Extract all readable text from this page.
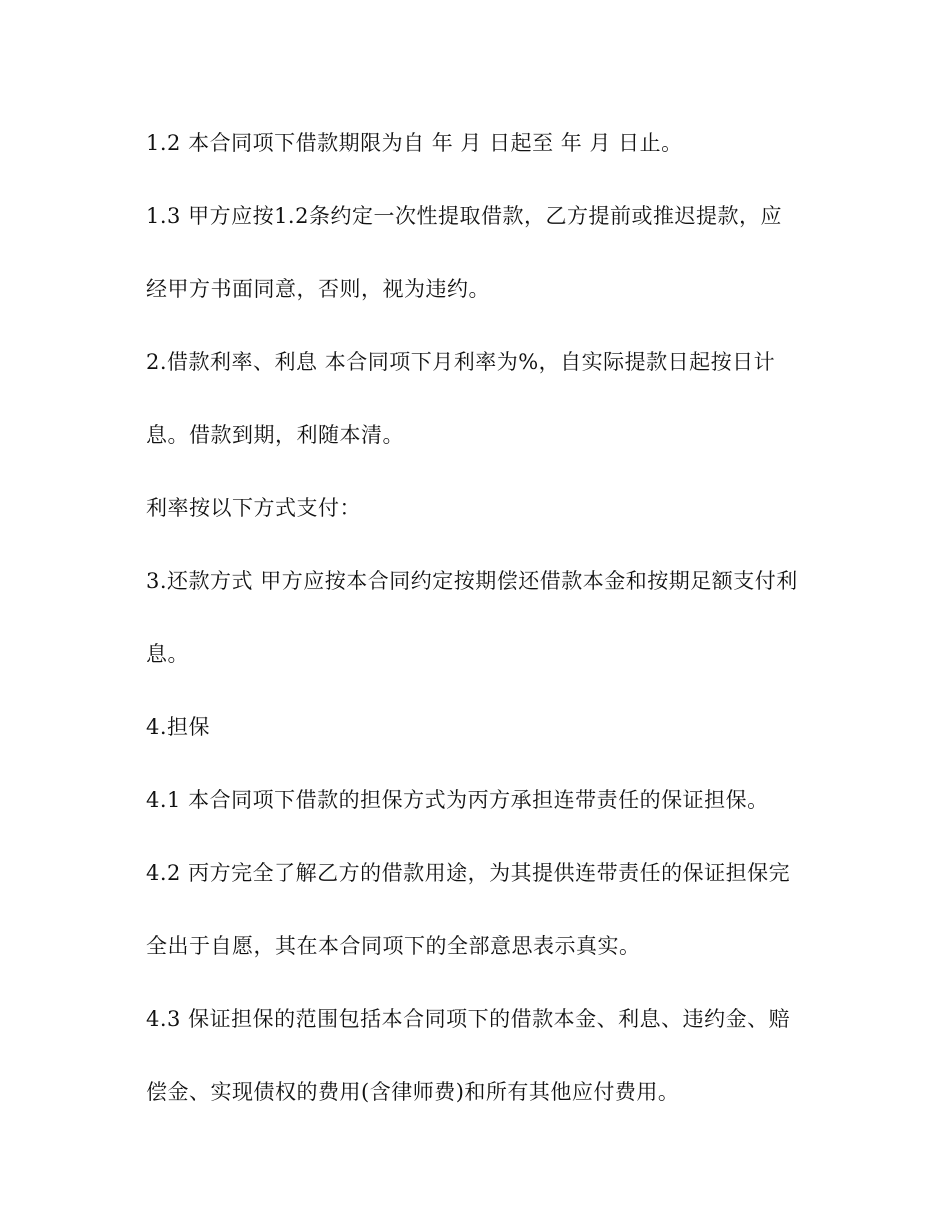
1.2 本合同项下借款期限为自 年 月 日起至 年 月 日止。
1.3 甲方应按1.2条约定一次性提取借款，乙方提前或推迟提款，应
经甲方书面同意，否则，视为违约。
2.借款利率、利息 本合同项下月利率为%，自实际提款日起按日计
息。借款到期，利随本清。
利率按以下方式支付：
3.还款方式 甲方应按本合同约定按期偿还借款本金和按期足额支付利
息。
4.担保
4.1 本合同项下借款的担保方式为丙方承担连带责任的保证担保。
4.2 丙方完全了解乙方的借款用途，为其提供连带责任的保证担保完
全出于自愿，其在本合同项下的全部意思表示真实。
4.3 保证担保的范围包括本合同项下的借款本金、利息、违约金、赔
偿金、实现债权的费用(含律师费)和所有其他应付费用。
